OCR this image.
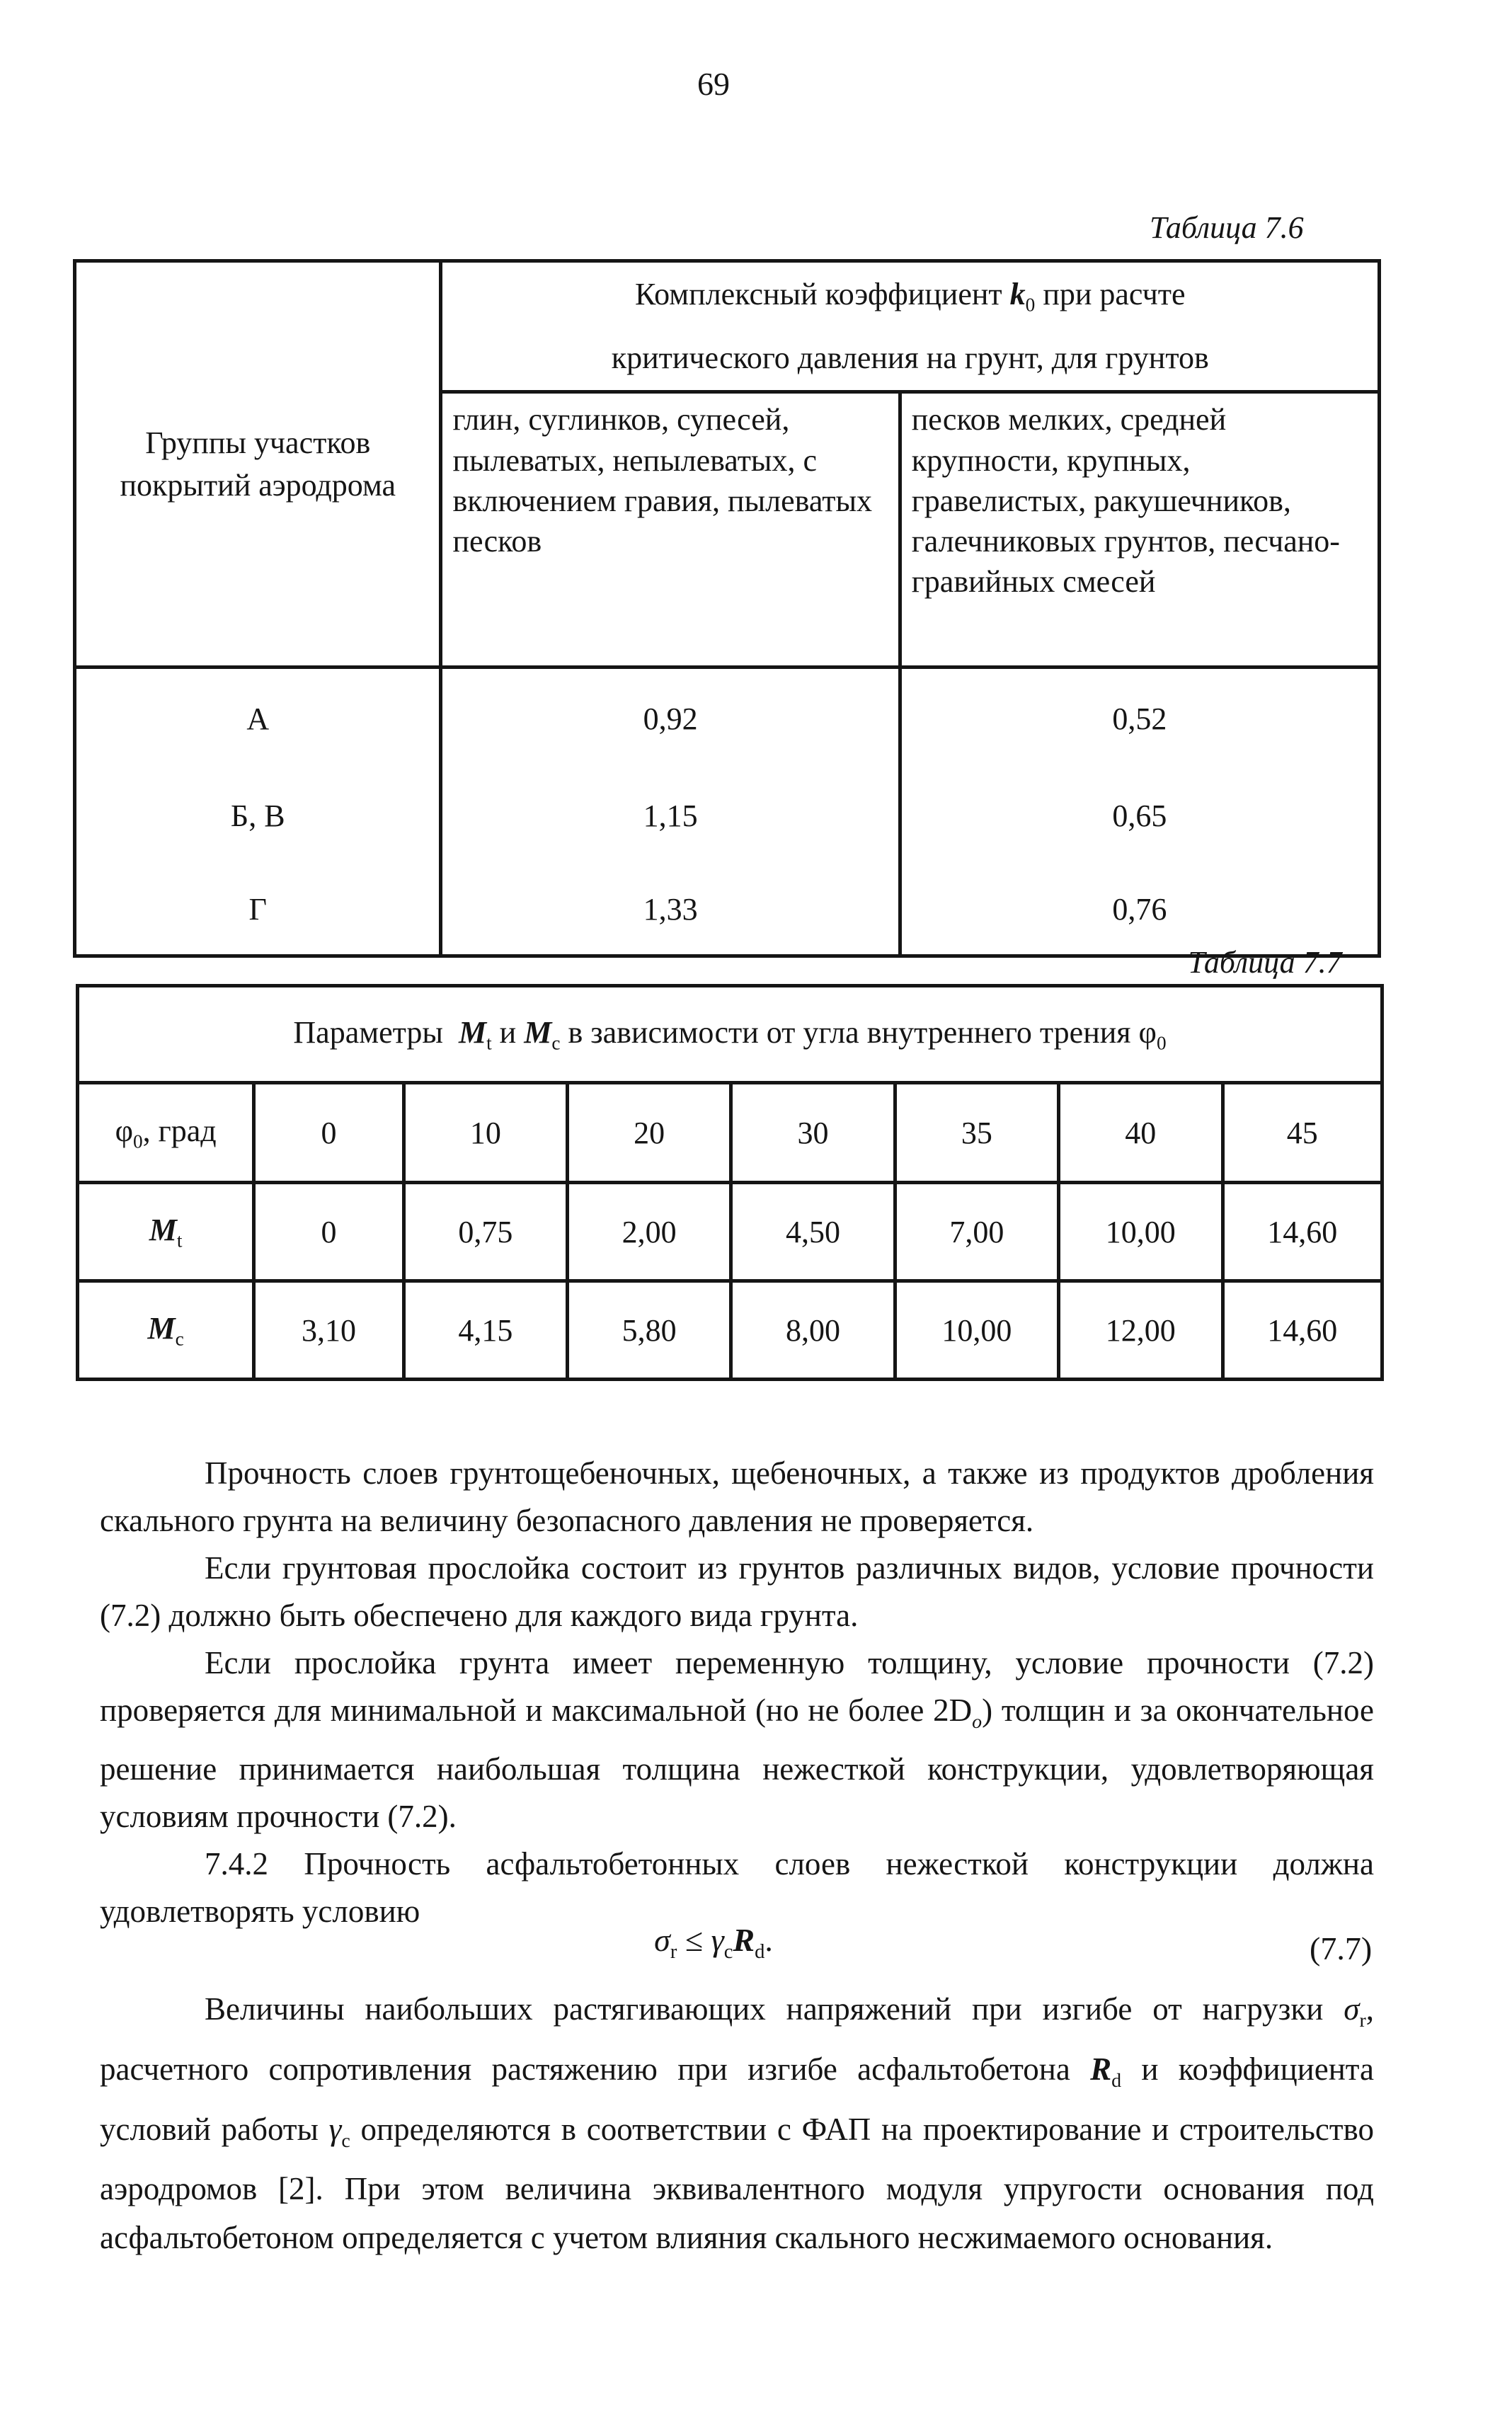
69
Таблица 7.6
Группы участков покрытий аэродрома	Комплексный коэффициент $k_0$ при расчте
критического давления на грунт, для грунтов	
	глин, суглинков, супесей, пылеватых, непылеватых, с включением гравия, пылеватых песков	песков мелких, средней крупности, крупных, гравелистых, ракушечников, галечниковых грунтов, песчано-гравийных смесей
А	0,92	0,52
Б, В	1,15	0,65
Г	1,33	0,76
Таблица 7.7
Параметры $M_t$ и $M_c$ в зависимости от угла внутреннего трения $\varphi_0$
$\varphi_0$, град	0	10	20	30	35	40	45
$M_t$	0	0,75	2,00	4,50	7,00	10,00	14,60
$M_c$	3,10	4,15	5,80	8,00	10,00	12,00	14,60

Прочность слоев грунтощебеночных, щебеночных, а также из продуктов дробления скального грунта на величину безопасного давления не проверяется.

Если грунтовая прослойка состоит из грунтов различных видов, условие прочности (7.2) должно быть обеспечено для каждого вида грунта.

Если прослойка грунта имеет переменную толщину, условие прочности (7.2) проверяется для минимальной и максимальной (но не более $2D_o$) толщин и за окончательное решение принимается наибольшая толщина нежесткой конструкции, удовлетворяющая условиям прочности (7.2).

7.4.2 Прочность асфальтобетонных слоев нежесткой конструкции должна удовлетворять условию

$\sigma_r \le \gamma_cR_d$.	(7.7)

Величины наибольших растягивающих напряжений при изгибе от нагрузки $\sigma_r$, расчетного сопротивления растяжению при изгибе асфальтобетона $R_d$ и коэффициента условий работы $\gamma_c$ определяются в соответствии с ФАП на проектирование и строительство аэродромов [2]. При этом величина эквивалентного модуля упругости основания под асфальтобетоном определяется с учетом влияния скального несжимаемого основания.
